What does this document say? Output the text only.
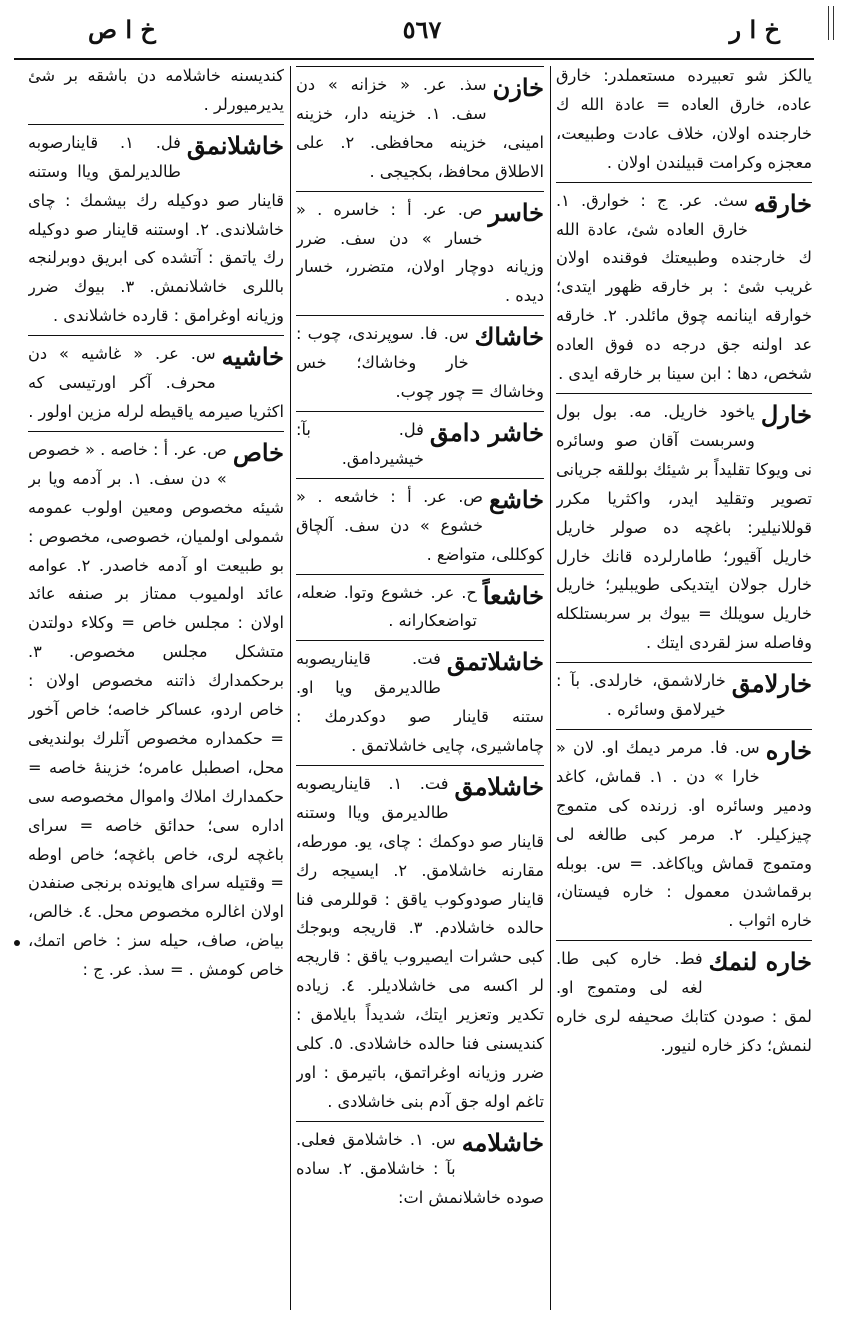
خ ا ر
٥٦٧
خ ا ص

يالكز شو تعبيرده مستعملدر: خارق عاده، خارق العاده = عادة الله ك خارجنده اولان، خلاف عادت وطبيعت، معجزه وكرامت قبيلندن اولان .

خارقه
سث. عر. ج : خوارق. ١. خارق العاده شئ، عادة الله ك خارجنده وطبيعتك فوقنده اولان غريب شئ : بر خارقه ظهور ايتدى؛ خوارقه اينانمه چوق مائلدر. ٢. خارقه عد اولنه جق درجه ده فوق العاده شخص، دها : ابن سينا بر خارقه ايدى .

خارل
ياخود خاريل. مه. بول بول وسربست آقان صو وسائره نى ويوكا تقليداً بر شيئك بوللقه جريانى تصوير وتقليد ايدر، واكثريا مكرر قوللانيلير: باغچه ده صولر خاريل خاريل آقيور؛ طامارلرده قانك خارل خارل جولان ايتديكى طويبلير؛ خاريل خاريل سويلك = بيوك بر سربستلكله وفاصله سز لقردى ايتك .

خارلامق
خارلاشمق، خارلدى. بآ : خيرلامق وسائره .

خاره
س. فا. مرمر ديمك او. لان « خارا » دن . ١. قماش، كاغد ودمير وسائره او. زرنده كى متموج چيزكيلر. ٢. مرمر كبى طالغه لى ومتموج قماش وياكاغد. = س. بوبله برقماشدن معمول : خاره فيستان، خاره اثواب .

خاره لنمك
فط. خاره كبى طا. لغه لى ومتموج او. لمق : صودن كتابك صحيفه لرى خاره لنمش؛ دكز خاره لنيور.

خازن
سذ. عر. « خزانه » دن سف. ١. خزينه دار، خزينه امينى، خزينه محافظى. ٢. على الاطلاق محافظ، بكجيجى .

خاسر
ص. عر. أ : خاسره . « خسار » دن سف. ضرر وزيانه دوچار اولان، متضرر، خسار ديده .

خاشاك
س. فا. سوپرندى، چوب : خار وخاشاك؛ خس وخاشاك = چور چوب.

خاشر دامق
فل. بآ: خيشيردامق.

خاشع
ص. عر. أ : خاشعه . « خشوع » دن سف. آلچاق كوكللى، متواضع .

خاشعاً
ح. عر. خشوع وتوا. ضعله، تواضعكارانه .

خاشلاتمق
فت. قايناريصوبه طالديرمق ويا او. ستنه قاينار صو دوكدرمك : چاماشيرى، چايى خاشلاتمق .

خاشلامق
فت. ١. قايناريصوبه طالديرمق وياا وستنه قاينار صو دوكمك : چاى، يو. مورطه، مقارنه خاشلامق. ٢. ايسيجه رك قاينار صودوكوب ياقق : قوللرمى فنا حالده خاشلادم. ٣. قاريجه وبوجك كبى حشرات ايصيروب ياقق : قاريجه لر اكسه مى خاشلاديلر. ٤. زياده تكدير وتعزير ايتك، شديداً بايلامق : كنديسنى فنا حالده خاشلادى. ٥. كلى ضرر وزيانه اوغراتمق، باتيرمق : اور تاغم اوله جق آدم بنى خاشلادى .

خاشلامه
س. ١. خاشلامق فعلى. بآ : خاشلامق. ٢. ساده صوده خاشلانمش ات:

كنديسنه خاشلامه دن باشقه بر شئ يديرميورلر .

خاشلانمق
فل. ١. قاينارصوبه طالديرلمق وياا وستنه قاينار صو دوكيله رك بيشمك : چاى خاشلاندى. ٢. اوستنه قاينار صو دوكيله رك ياتمق : آتشده كى ابريق دوبرلنجه باللرى خاشلانمش. ٣. بيوك ضرر وزيانه اوغرامق : قارده خاشلاندى .

خاشيه
س. عر. « غاشيه » دن محرف. آكر اورتيسى كه اكثريا صيرمه ياقيطه لرله مزين اولور .

خاص
ص. عر. أ : خاصه . « خصوص » دن سف. ١. بر آدمه ويا بر شيئه مخصوص ومعين اولوب عمومه شمولى اولميان، خصوصى، مخصوص : بو طبيعت او آدمه خاصدر. ٢. عوامه عائد اولميوب ممتاز بر صنفه عائد اولان : مجلس خاص = وكلاء دولتدن متشكل مجلس مخصوص. ٣. برحكمدارك ذاتنه مخصوص اولان : خاص اردو، عساكر خاصه؛ خاص آخور = حكمداره مخصوص آتلرك بولنديغى محل، اصطبل عامره؛ خزينهٔ خاصه = حكمدارك املاك واموال مخصوصه سى اداره سى؛ حدائق خاصه = سراى باغچه لرى، خاص باغچه؛ خاص اوطه = وقتيله سراى هايونده برنجى صنفدن اولان اغالره مخصوص محل. ٤. خالص، بياض، صاف، حيله سز : خاص اتمك، خاص كومش . = سذ. عر. ج :
